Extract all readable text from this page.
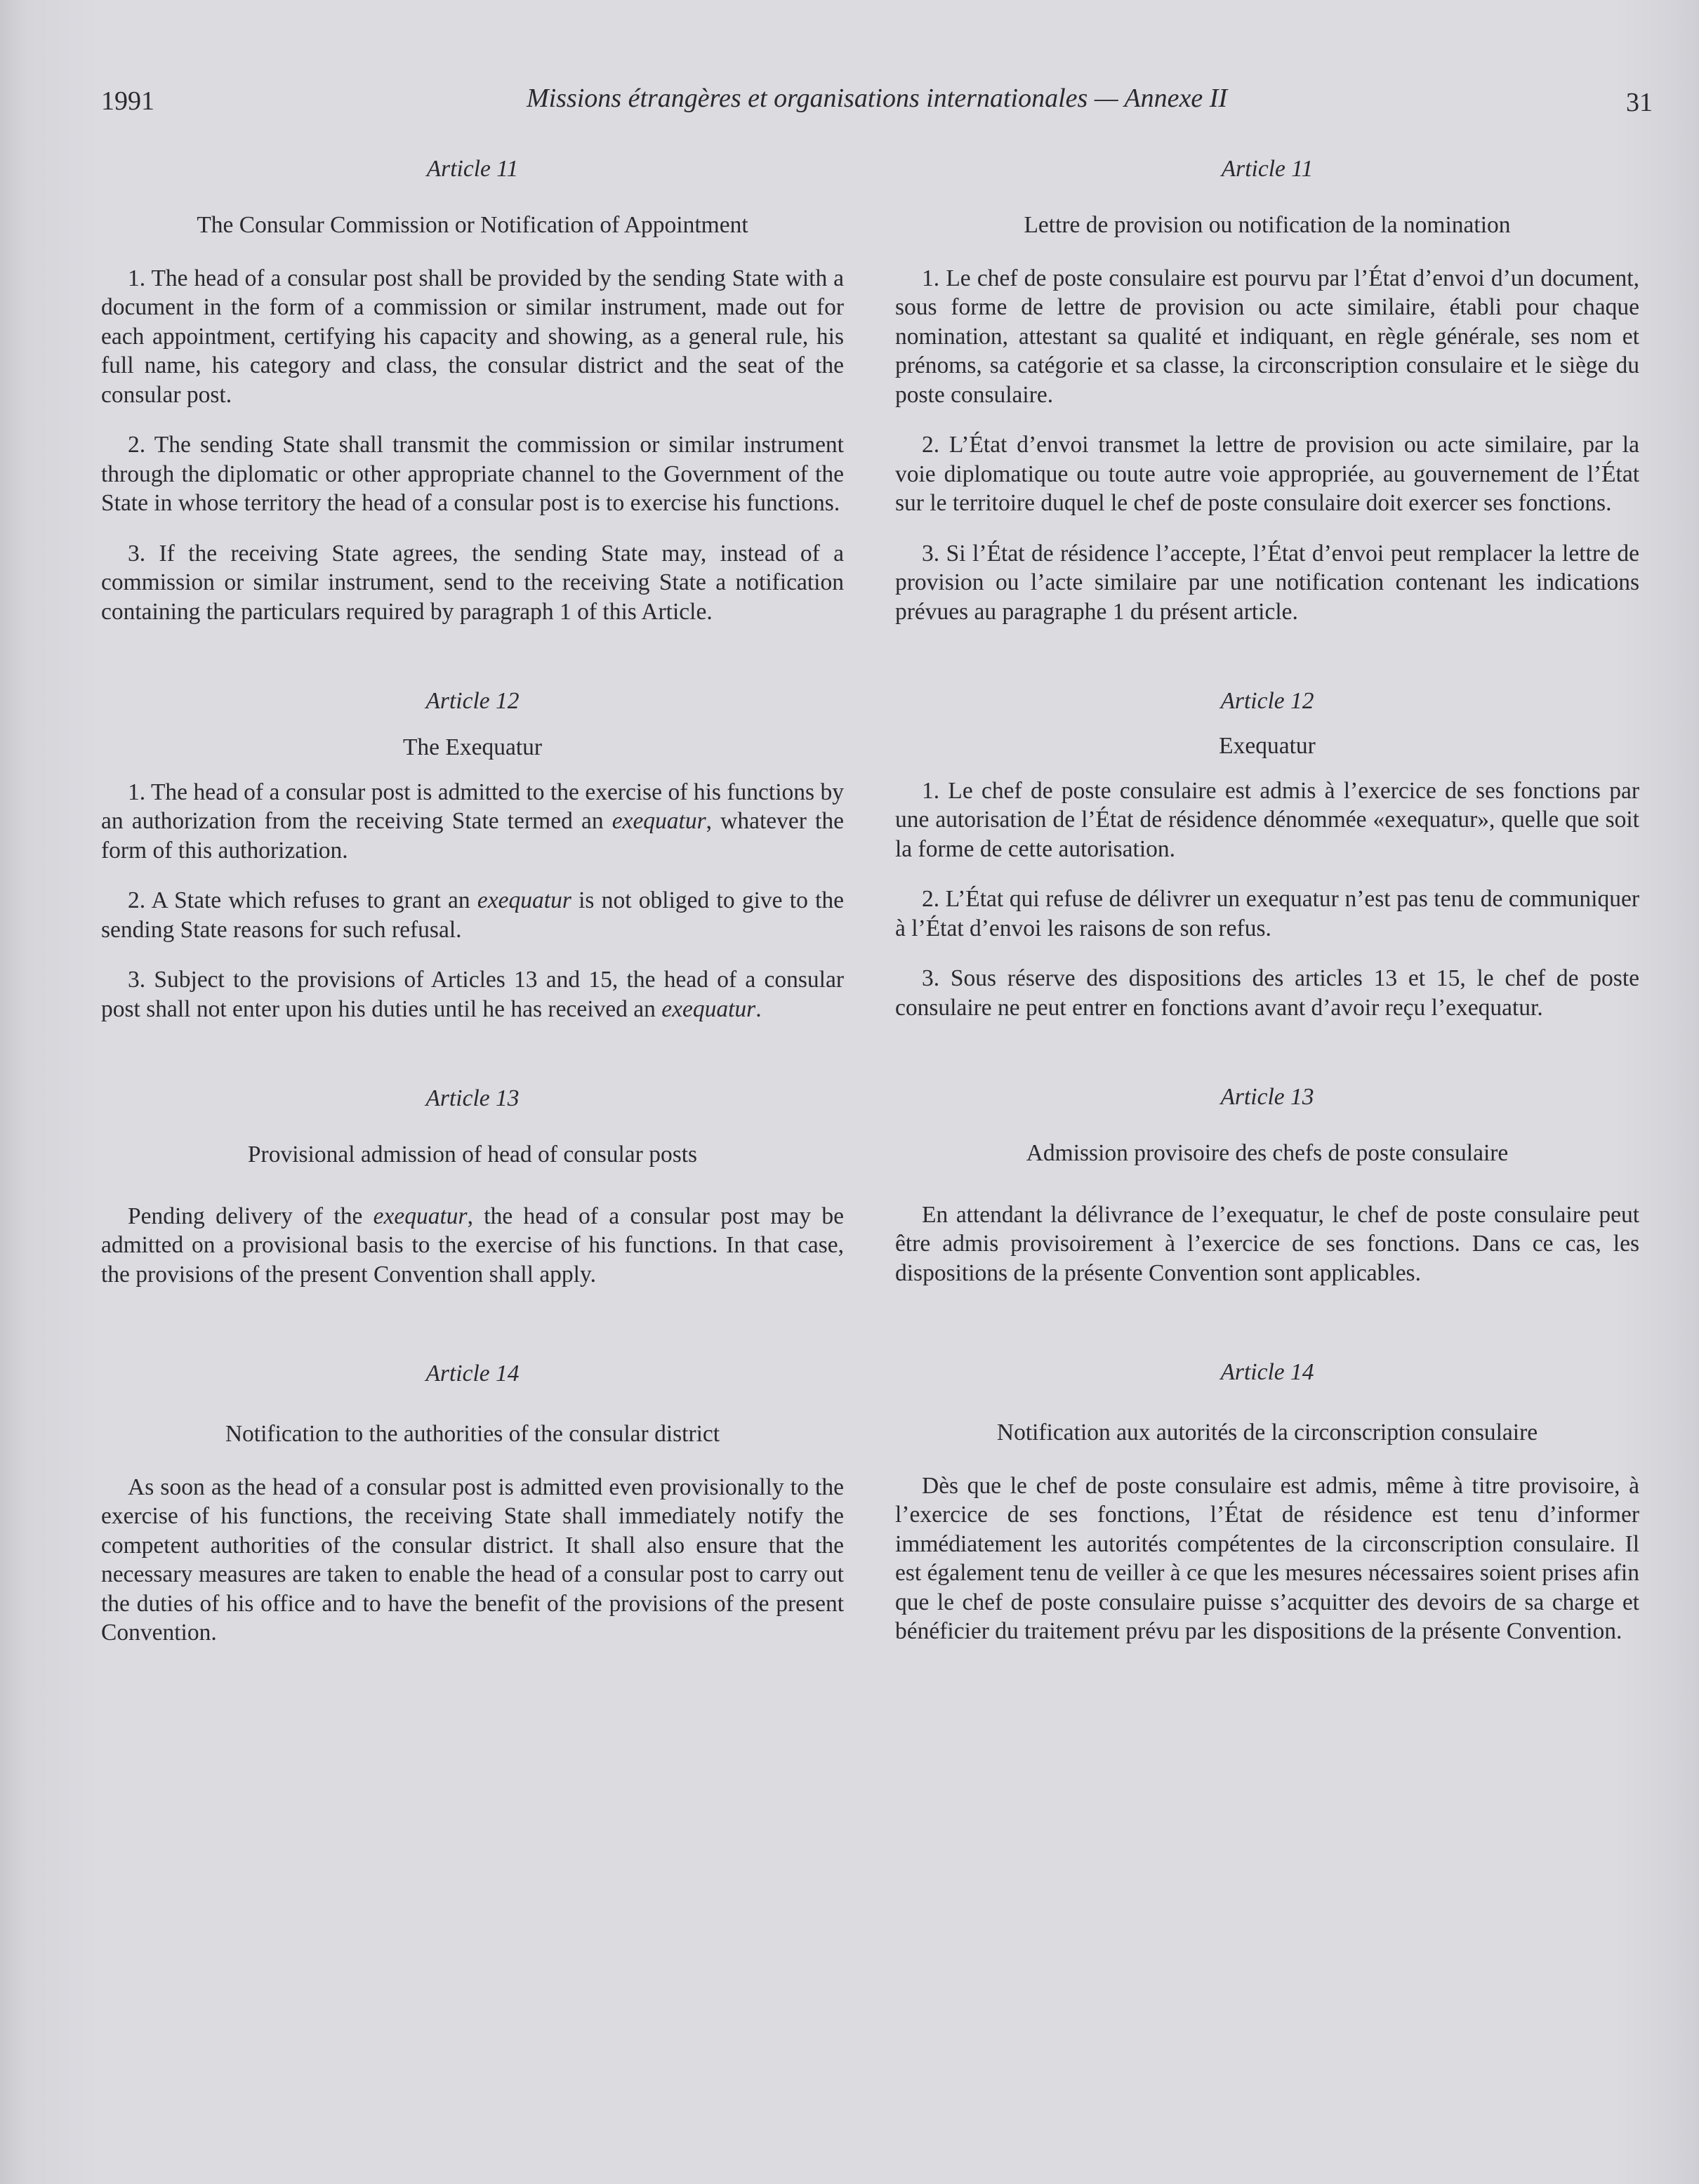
1991	Missions étrangères et organisations internationales — Annexe II	31

Article 11

The Consular Commission or Notification of Appointment

1. The head of a consular post shall be provided by the sending State with a document in the form of a commission or similar instrument, made out for each appointment, certifying his capacity and showing, as a general rule, his full name, his category and class, the consular district and the seat of the consular post.

2. The sending State shall transmit the commission or similar instrument through the diplomatic or other appropriate channel to the Government of the State in whose territory the head of a consular post is to exercise his functions.

3. If the receiving State agrees, the sending State may, instead of a commission or similar instrument, send to the receiving State a notification containing the particulars required by paragraph 1 of this Article.

Article 12

The Exequatur

1. The head of a consular post is admitted to the exercise of his functions by an authorization from the receiving State termed an exequatur, whatever the form of this authorization.

2. A State which refuses to grant an exequatur is not obliged to give to the sending State reasons for such refusal.

3. Subject to the provisions of Articles 13 and 15, the head of a consular post shall not enter upon his duties until he has received an exequatur.

Article 13

Provisional admission of head of consular posts

Pending delivery of the exequatur, the head of a consular post may be admitted on a provisional basis to the exercise of his functions. In that case, the provisions of the present Convention shall apply.

Article 14

Notification to the authorities of the consular district

As soon as the head of a consular post is admitted even provisionally to the exercise of his functions, the receiving State shall immediately notify the competent authorities of the consular district. It shall also ensure that the necessary measures are taken to enable the head of a consular post to carry out the duties of his office and to have the benefit of the provisions of the present Convention.

Article 11

Lettre de provision ou notification de la nomination

1. Le chef de poste consulaire est pourvu par l’État d’envoi d’un document, sous forme de lettre de provision ou acte similaire, établi pour chaque nomination, attestant sa qualité et indiquant, en règle générale, ses nom et prénoms, sa catégorie et sa classe, la circonscription consulaire et le siège du poste consulaire.

2. L’État d’envoi transmet la lettre de provision ou acte similaire, par la voie diplomatique ou toute autre voie appropriée, au gouvernement de l’État sur le territoire duquel le chef de poste consulaire doit exercer ses fonctions.

3. Si l’État de résidence l’accepte, l’État d’envoi peut remplacer la lettre de provision ou l’acte similaire par une notification contenant les indications prévues au paragraphe 1 du présent article.

Article 12

Exequatur

1. Le chef de poste consulaire est admis à l’exercice de ses fonctions par une autorisation de l’État de résidence dénommée «exequatur», quelle que soit la forme de cette autorisation.

2. L’État qui refuse de délivrer un exequatur n’est pas tenu de communiquer à l’État d’envoi les raisons de son refus.

3. Sous réserve des dispositions des articles 13 et 15, le chef de poste consulaire ne peut entrer en fonctions avant d’avoir reçu l’exequatur.

Article 13

Admission provisoire des chefs de poste consulaire

En attendant la délivrance de l’exequatur, le chef de poste consulaire peut être admis provisoirement à l’exercice de ses fonctions. Dans ce cas, les dispositions de la présente Convention sont applicables.

Article 14

Notification aux autorités de la circonscription consulaire

Dès que le chef de poste consulaire est admis, même à titre provisoire, à l’exercice de ses fonctions, l’État de résidence est tenu d’informer immédiatement les autorités compétentes de la circonscription consulaire. Il est également tenu de veiller à ce que les mesures nécessaires soient prises afin que le chef de poste consulaire puisse s’acquitter des devoirs de sa charge et bénéficier du traitement prévu par les dispositions de la présente Convention.
